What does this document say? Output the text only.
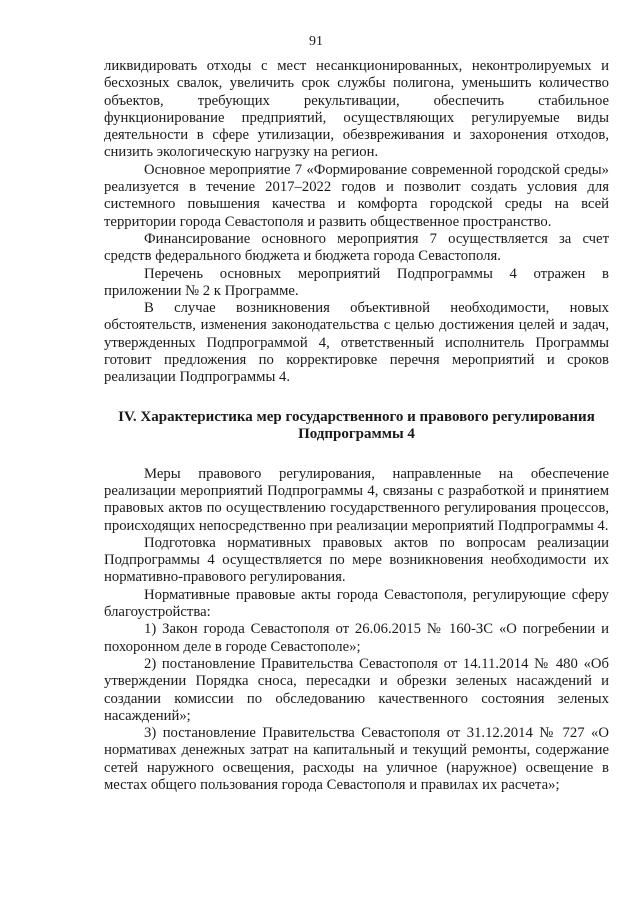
91

ликвидировать отходы с мест несанкционированных, неконтролируемых и бесхозных свалок, увеличить срок службы полигона, уменьшить количество объектов, требующих рекультивации, обеспечить стабильное функционирование предприятий, осуществляющих регулируемые виды деятельности в сфере утилизации, обезвреживания и захоронения отходов, снизить экологическую нагрузку на регион.

Основное мероприятие 7 «Формирование современной городской среды» реализуется в течение 2017–2022 годов и позволит создать условия для системного повышения качества и комфорта городской среды на всей территории города Севастополя и развить общественное пространство.

Финансирование основного мероприятия 7 осуществляется за счет средств федерального бюджета и бюджета города Севастополя.

Перечень основных мероприятий Подпрограммы 4 отражен в приложении № 2 к Программе.

В случае возникновения объективной необходимости, новых обстоятельств, изменения законодательства с целью достижения целей и задач, утвержденных Подпрограммой 4, ответственный исполнитель Программы готовит предложения по корректировке перечня мероприятий и сроков реализации Подпрограммы 4.

IV. Характеристика мер государственного и правового регулирования
Подпрограммы 4

Меры правового регулирования, направленные на обеспечение реализации мероприятий Подпрограммы 4, связаны с разработкой и принятием правовых актов по осуществлению государственного регулирования процессов, происходящих непосредственно при реализации мероприятий Подпрограммы 4.

Подготовка нормативных правовых актов по вопросам реализации Подпрограммы 4 осуществляется по мере возникновения необходимости их нормативно-правового регулирования.

Нормативные правовые акты города Севастополя, регулирующие сферу благоустройства:

1) Закон города Севастополя от 26.06.2015 № 160-ЗС «О погребении и похоронном деле в городе Севастополе»;

2) постановление Правительства Севастополя от 14.11.2014 № 480 «Об утверждении Порядка сноса, пересадки и обрезки зеленых насаждений и создании комиссии по обследованию качественного состояния зеленых насаждений»;

3) постановление Правительства Севастополя от 31.12.2014 № 727 «О нормативах денежных затрат на капитальный и текущий ремонты, содержание сетей наружного освещения, расходы на уличное (наружное) освещение в местах общего пользования города Севастополя и правилах их расчета»;
